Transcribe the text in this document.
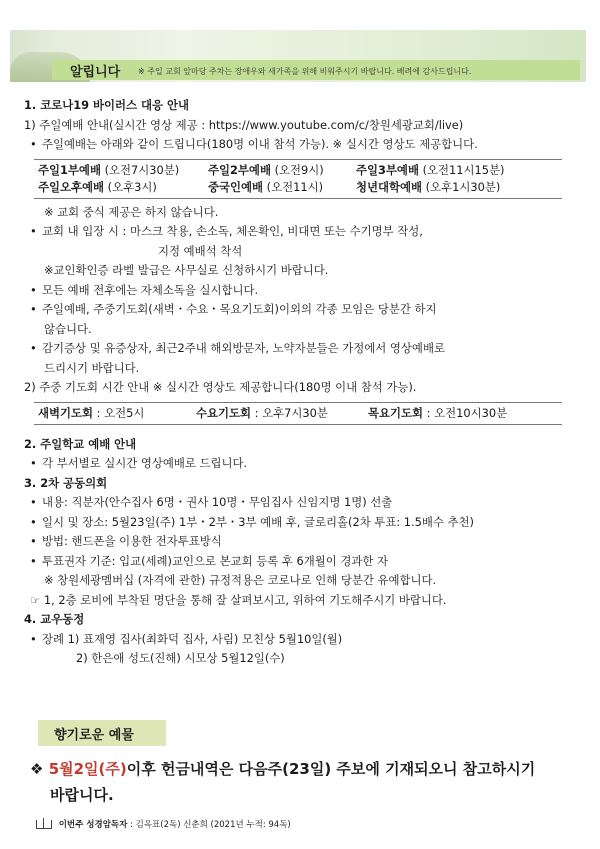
알립니다 ※ 주일 교회 앞마당 주차는 장애우와 새가족을 위해 비워주시기 바랍니다. 배려에 감사드립니다.
1. 코로나19 바이러스 대응 안내
1) 주일예배 안내(실시간 영상 제공 : https://www.youtube.com/c/창원세광교회/live)
• 주일예배는 아래와 같이 드립니다(180명 이내 참석 가능). ※ 실시간 영상도 제공합니다.
주일1부예배 (오전7시30분)	주일2부예배 (오전9시)	주일3부예배 (오전11시15분)
주일오후예배 (오후3시)	중국인예배 (오전11시)	청년대학예배 (오후1시30분)
※ 교회 중식 제공은 하지 않습니다.
• 교회 내 입장 시 : 마스크 착용, 손소독, 체온확인, 비대면 또는 수기명부 작성,
지정 예배석 착석
※교인확인증 라벨 발급은 사무실로 신청하시기 바랍니다.
• 모든 예배 전후에는 자체소독을 실시합니다.
• 주일예배, 주중기도회(새벽・수요・목요기도회)이외의 각종 모임은 당분간 하지
않습니다.
• 감기증상 및 유증상자, 최근2주내 해외방문자, 노약자분들은 가정에서 영상예배로
드리시기 바랍니다.
2) 주중 기도회 시간 안내 ※ 실시간 영상도 제공합니다(180명 이내 참석 가능).
새벽기도회 : 오전5시	수요기도회 : 오후7시30분	목요기도회 : 오전10시30분
2. 주일학교 예배 안내
• 각 부서별로 실시간 영상예배로 드립니다.
3. 2차 공동의회
• 내용: 직분자(안수집사 6명・권사 10명・무임집사 신임지명 1명) 선출
• 일시 및 장소: 5월23일(주) 1부・2부・3부 예배 후, 글로리홀(2차 투표: 1.5배수 추천)
• 방법: 핸드폰을 이용한 전자투표방식
• 투표권자 기준: 입교(세례)교인으로 본교회 등록 후 6개월이 경과한 자
※ 창원세광멤버십 (자격에 관한) 규정적용은 코로나로 인해 당분간 유예합니다.
☞ 1, 2층 로비에 부착된 명단을 통해 잘 살펴보시고, 위하여 기도해주시기 바랍니다.
4. 교우동정
• 장례 1) 표재영 집사(최화덕 집사, 사림) 모친상 5월10일(월)
2) 한은애 성도(진해) 시모상 5월12일(수)
향기로운 예물
❖ 5월2일(주)이후 헌금내역은 다음주(23일) 주보에 기재되오니 참고하시기
바랍니다.
이번주 성경암독자 : 김옥표(2독) 신춘희 (2021년 누적: 94독)
